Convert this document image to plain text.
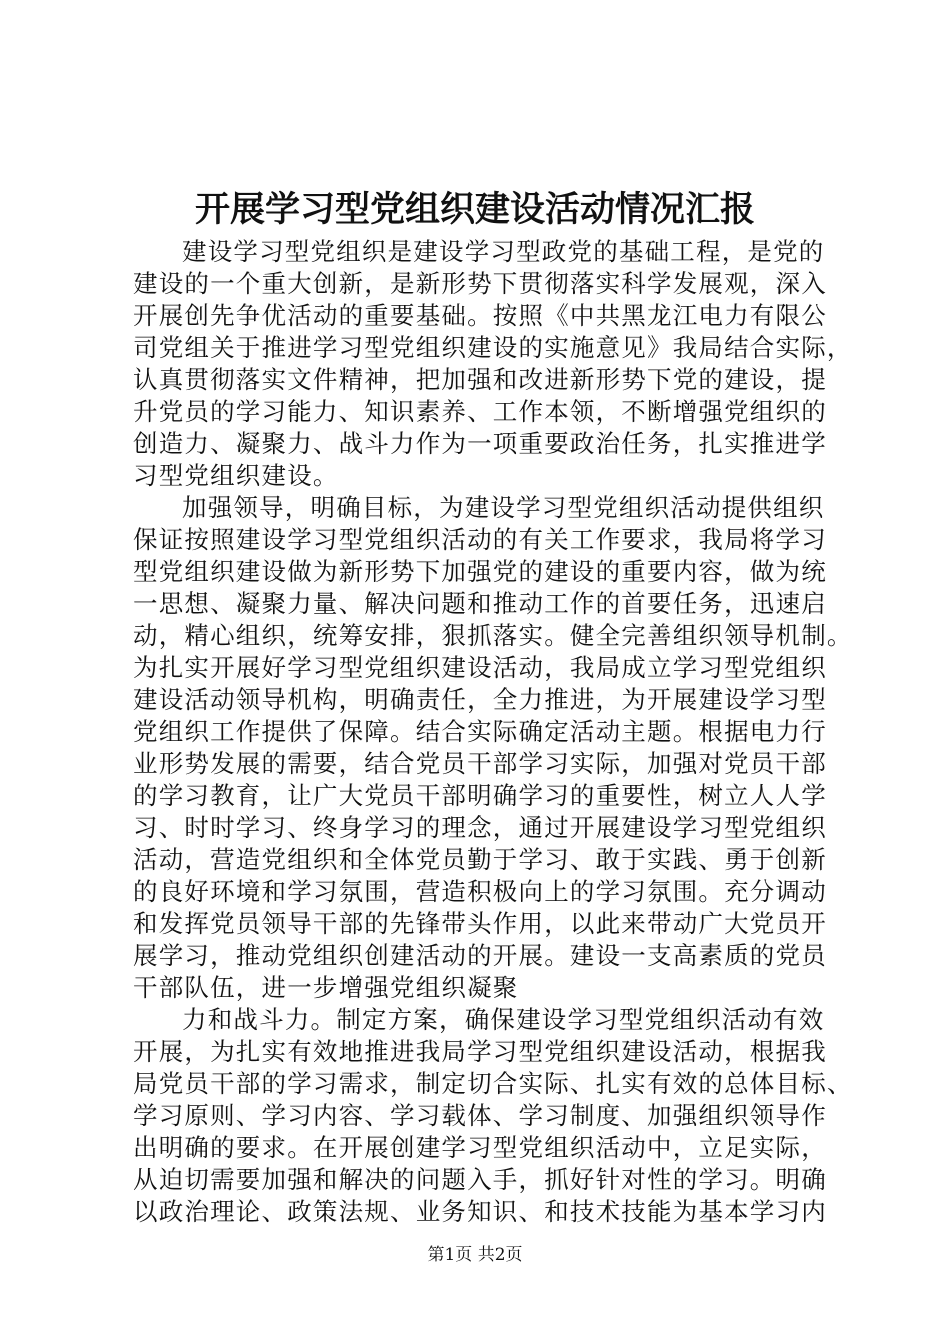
开展学习型党组织建设活动情况汇报
建设学习型党组织是建设学习型政党的基础工程，是党的
建设的一个重大创新，是新形势下贯彻落实科学发展观，深入
开展创先争优活动的重要基础。按照《中共黑龙江电力有限公
司党组关于推进学习型党组织建设的实施意见》我局结合实际，
认真贯彻落实文件精神，把加强和改进新形势下党的建设，提
升党员的学习能力、知识素养、工作本领，不断增强党组织的
创造力、凝聚力、战斗力作为一项重要政治任务，扎实推进学
习型党组织建设。
加强领导，明确目标，为建设学习型党组织活动提供组织
保证按照建设学习型党组织活动的有关工作要求，我局将学习
型党组织建设做为新形势下加强党的建设的重要内容，做为统
一思想、凝聚力量、解决问题和推动工作的首要任务，迅速启
动，精心组织，统筹安排，狠抓落实。健全完善组织领导机制。
为扎实开展好学习型党组织建设活动，我局成立学习型党组织
建设活动领导机构，明确责任，全力推进，为开展建设学习型
党组织工作提供了保障。结合实际确定活动主题。根据电力行
业形势发展的需要，结合党员干部学习实际，加强对党员干部
的学习教育，让广大党员干部明确学习的重要性，树立人人学
习、时时学习、终身学习的理念，通过开展建设学习型党组织
活动，营造党组织和全体党员勤于学习、敢于实践、勇于创新
的良好环境和学习氛围，营造积极向上的学习氛围。充分调动
和发挥党员领导干部的先锋带头作用，以此来带动广大党员开
展学习，推动党组织创建活动的开展。建设一支高素质的党员
干部队伍，进一步增强党组织凝聚
力和战斗力。制定方案，确保建设学习型党组织活动有效
开展，为扎实有效地推进我局学习型党组织建设活动，根据我
局党员干部的学习需求，制定切合实际、扎实有效的总体目标、
学习原则、学习内容、学习载体、学习制度、加强组织领导作
出明确的要求。在开展创建学习型党组织活动中，立足实际，
从迫切需要加强和解决的问题入手，抓好针对性的学习。明确
以政治理论、政策法规、业务知识、和技术技能为基本学习内
第1页 共2页
